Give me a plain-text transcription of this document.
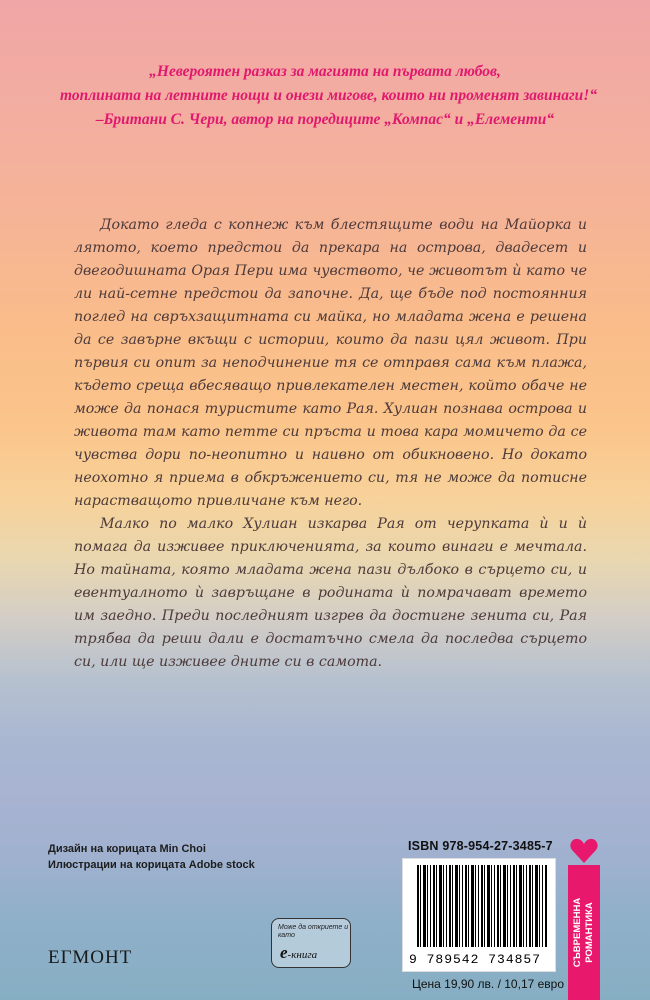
„Невероятен разказ за магията на първата любов,
топлината на летните нощи и онези мигове, които ни променят завинаги!“
–Британи С. Чери, автор на поредиците „Компас“ и „Елементи“

Докато гледа с копнеж към блестящите води на Майорка и лятото, което предстои да прекара на острова, двадесет и двегодишната Орая Пери има чувството, че животът ѝ като че ли най-сетне предстои да започне. Да, ще бъде под постоянния поглед на свръхзащитната си майка, но младата жена е решена да се завърне вкъщи с истории, които да пази цял живот. При първия си опит за неподчинение тя се отправя сама към плажа, където среща вбесяващо привлекателен местен, който обаче не може да понася туристите като Рая. Хулиан познава острова и живота там като петте си пръста и това кара момичето да се чувства дори по-неопитно и наивно от обикновено. Но докато неохотно я приема в обкръжението си, тя не може да потисне нарастващото привличане към него.

Малко по малко Хулиан изкарва Рая от черупката ѝ и ѝ помага да изживее приключенията, за които винаги е мечтала. Но тайната, която младата жена пази дълбоко в сърцето си, и евентуалното ѝ завръщане в родината ѝ помрачават времето им заедно. Преди последният изгрев да достигне зенита си, Рая трябва да реши дали е достатъчно смела да последва сърцето си, или ще изживее дните си в самота.

Дизайн на корицата Min Choi
Илюстрации на корицата Adobe stock
ЕГМОНТ
Може да откриете и като
e-книга
ISBN 978-954-27-3485-7
9 789542 734857
Цена 19,90 лв. / 10,17 евро
СЪВРЕМЕННА РОМАНТИКА
